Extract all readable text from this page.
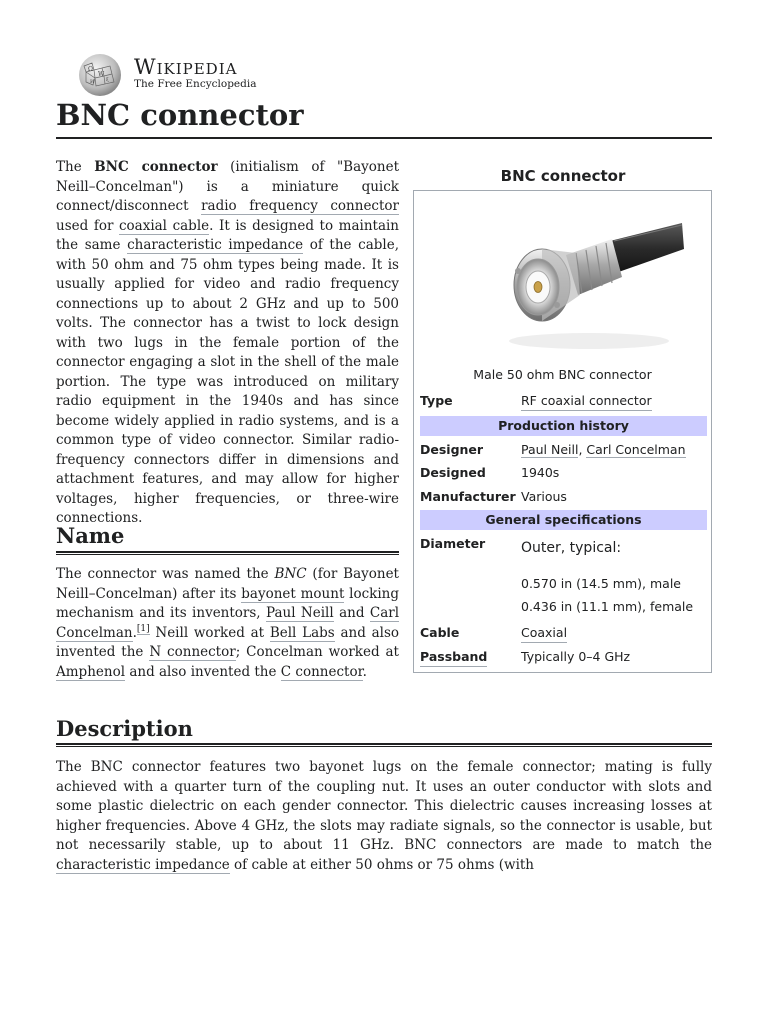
Ω
W
И ξ
Wikipedia
The Free Encyclopedia
BNC connector

The BNC connector (initialism of "Bayonet Neill–Concelman") is a miniature quick connect/disconnect radio frequency connector used for coaxial cable. It is designed to maintain the same characteristic impedance of the cable, with 50 ohm and 75 ohm types being made. It is usually applied for video and radio frequency connections up to about 2 GHz and up to 500 volts. The connector has a twist to lock design with two lugs in the female portion of the connector engaging a slot in the shell of the male portion. The type was introduced on military radio equipment in the 1940s and has since become widely applied in radio systems, and is a common type of video connector. Similar radio-frequency connectors differ in dimensions and attachment features, and may allow for higher voltages, higher frequencies, or three-wire connections.

Name

The connector was named the BNC (for Bayonet Neill–Concelman) after its bayonet mount locking mechanism and its inventors, Paul Neill and Carl Concelman.[1] Neill worked at Bell Labs and also invented the N connector; Concelman worked at Amphenol and also invented the C connector.

Description

The BNC connector features two bayonet lugs on the female connector; mating is fully achieved with a quarter turn of the coupling nut. It uses an outer conductor with slots and some plastic dielectric on each gender connector. This dielectric causes increasing losses at higher frequencies. Above 4 GHz, the slots may radiate signals, so the connector is usable, but not necessarily stable, up to about 11 GHz. BNC connectors are made to match the characteristic impedance of cable at either 50 ohms or 75 ohms (with

BNC connector
Male 50 ohm BNC connector
Type	RF coaxial connector
Production history
Designer	Paul Neill, Carl Concelman
Designed	1940s
Manufacturer Various
General specifications
Diameter	Outer, typical:
0.570 in (14.5 mm), male
0.436 in (11.1 mm), female
Cable	Coaxial
Passband	Typically 0–4 GHz
